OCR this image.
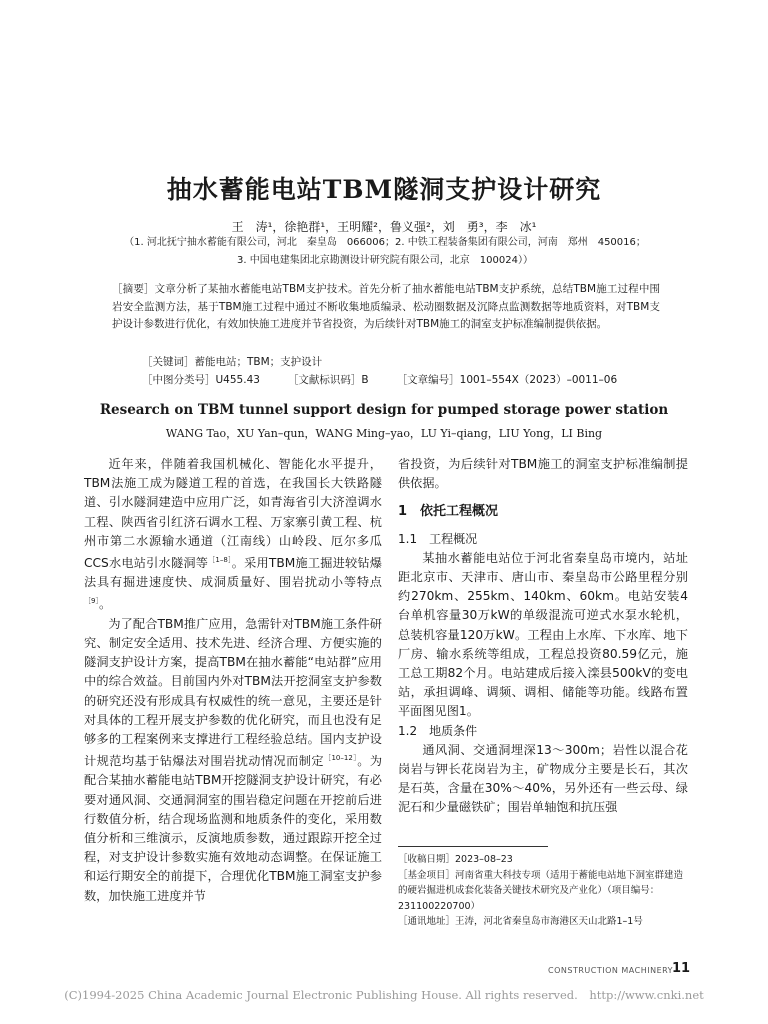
抽水蓄能电站TBM隧洞支护设计研究
王　涛¹，徐艳群¹，王明耀²，鲁义强²，刘　勇³，李　冰¹
（1. 河北抚宁抽水蓄能有限公司，河北　秦皇岛　066006；2. 中铁工程装备集团有限公司，河南　郑州　450016；
3. 中国电建集团北京勘测设计研究院有限公司，北京　100024））
［摘要］文章分析了某抽水蓄能电站TBM支护技术。首先分析了抽水蓄能电站TBM支护系统，总结TBM施工过程中围岩安全监测方法，基于TBM施工过程中通过不断收集地质编录、松动圈数据及沉降点监测数据等地质资料，对TBM支护设计参数进行优化，有效加快施工进度并节省投资，为后续针对TBM施工的洞室支护标准编制提供依据。
［关键词］蓄能电站；TBM；支护设计
［中图分类号］U455.43	［文献标识码］B	［文章编号］1001–554X（2023）–0011–06
Research on TBM tunnel support design for pumped storage power station
WANG Tao，XU Yan–qun，WANG Ming–yao，LU Yi–qiang，LIU Yong，LI Bing

近年来，伴随着我国机械化、智能化水平提升，TBM法施工成为隧道工程的首选，在我国长大铁路隧道、引水隧洞建造中应用广泛，如青海省引大济湟调水工程、陕西省引红济石调水工程、万家寨引黄工程、杭州市第二水源输水通道（江南线）山岭段、厄尔多瓜CCS水电站引水隧洞等$^{[1-8]}$。采用TBM施工掘进较钻爆法具有掘进速度快、成洞质量好、围岩扰动小等特点$^{[9]}$。

为了配合TBM推广应用，急需针对TBM施工条件研究、制定安全适用、技术先进、经济合理、方便实施的隧洞支护设计方案，提高TBM在抽水蓄能“电站群”应用中的综合效益。目前国内外对TBM法开挖洞室支护参数的研究还没有形成具有权威性的统一意见，主要还是针对具体的工程开展支护参数的优化研究，而且也没有足够多的工程案例来支撑进行工程经验总结。国内支护设计规范均基于钻爆法对围岩扰动情况而制定$^{[10-12]}$。为配合某抽水蓄能电站TBM开挖隧洞支护设计研究，有必要对通风洞、交通洞洞室的围岩稳定问题在开挖前后进行数值分析，结合现场监测和地质条件的变化，采用数值分析和三维演示，反演地质参数，通过跟踪开挖全过程，对支护设计参数实施有效地动态调整。在保证施工和运行期安全的前提下，合理优化TBM施工洞室支护参数，加快施工进度并节

省投资，为后续针对TBM施工的洞室支护标准编制提供依据。

1　依托工程概况

1.1　工程概况

某抽水蓄能电站位于河北省秦皇岛市境内，站址距北京市、天津市、唐山市、秦皇岛市公路里程分别约270km、255km、140km、60km。电站安装4台单机容量30万kW的单级混流可逆式水泵水轮机，总装机容量120万kW。工程由上水库、下水库、地下厂房、输水系统等组成，工程总投资80.59亿元，施工总工期82个月。电站建成后接入滦县500kV的变电站，承担调峰、调频、调相、储能等功能。线路布置平面图见图1。

1.2　地质条件

通风洞、交通洞埋深13～300m；岩性以混合花岗岩与钾长花岗岩为主，矿物成分主要是长石，其次是石英，含量在30%～40%，另外还有一些云母、绿泥石和少量磁铁矿；围岩单轴饱和抗压强

［收稿日期］2023–08–23

［基金项目］河南省重大科技专项（适用于蓄能电站地下洞室群建造的硬岩掘进机成套化装备关键技术研究及产业化）（项目编号：231100220700）

［通讯地址］王涛，河北省秦皇岛市海港区天山北路1–1号

CONSTRUCTION MACHINERY
11
(C)1994-2025 China Academic Journal Electronic Publishing House. All rights reserved.　http://www.cnki.net
